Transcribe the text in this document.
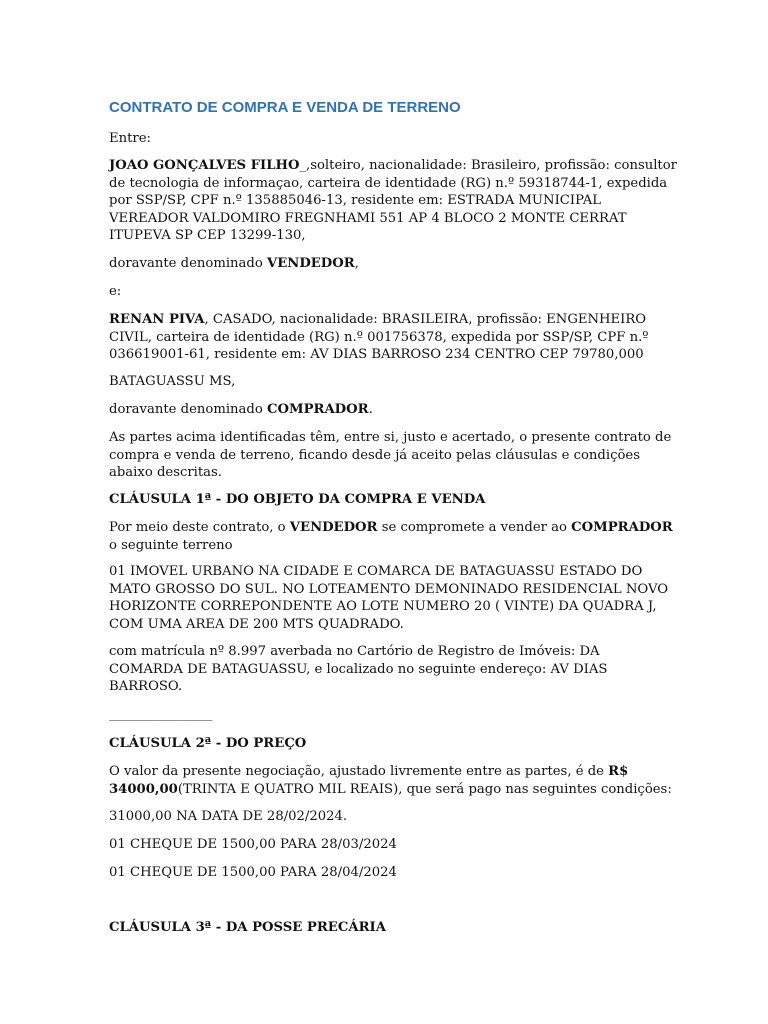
CONTRATO DE COMPRA E VENDA DE TERRENO

Entre:

JOAO GONÇALVES FILHO_,solteiro, nacionalidade: Brasileiro, profissão: consultor
de tecnologia de informaçao, carteira de identidade (RG) n.º 59318744-1, expedida
por SSP/SP, CPF n.º 135885046-13, residente em: ESTRADA MUNICIPAL
VEREADOR VALDOMIRO FREGNHAMI 551 AP 4 BLOCO 2 MONTE CERRAT
ITUPEVA SP CEP 13299-130,

doravante denominado VENDEDOR,

e:

RENAN PIVA, CASADO, nacionalidade: BRASILEIRA, profissão: ENGENHEIRO
CIVIL, carteira de identidade (RG) n.º 001756378, expedida por SSP/SP, CPF n.º
036619001-61, residente em: AV DIAS BARROSO 234 CENTRO CEP 79780,000

BATAGUASSU MS,

doravante denominado COMPRADOR.

As partes acima identificadas têm, entre si, justo e acertado, o presente contrato de
compra e venda de terreno, ficando desde já aceito pelas cláusulas e condições
abaixo descritas.

CLÁUSULA 1ª - DO OBJETO DA COMPRA E VENDA

Por meio deste contrato, o VENDEDOR se compromete a vender ao COMPRADOR
o seguinte terreno

01 IMOVEL URBANO NA CIDADE E COMARCA DE BATAGUASSU ESTADO DO
MATO GROSSO DO SUL. NO LOTEAMENTO DEMONINADO RESIDENCIAL NOVO
HORIZONTE CORREPONDENTE AO LOTE NUMERO 20 ( VINTE) DA QUADRA J,
COM UMA AREA DE 200 MTS QUADRADO.

com matrícula nº 8.997 averbada no Cartório de Registro de Imóveis: DA
COMARDA DE BATAGUASSU, e localizado no seguinte endereço: AV DIAS
BARROSO.

_____________________

CLÁUSULA 2ª - DO PREÇO

O valor da presente negociação, ajustado livremente entre as partes, é de R$
34000,00(TRINTA E QUATRO MIL REAIS), que será pago nas seguintes condições:

31000,00 NA DATA DE 28/02/2024.

01 CHEQUE DE 1500,00 PARA 28/03/2024

01 CHEQUE DE 1500,00 PARA 28/04/2024

CLÁUSULA 3ª - DA POSSE PRECÁRIA
